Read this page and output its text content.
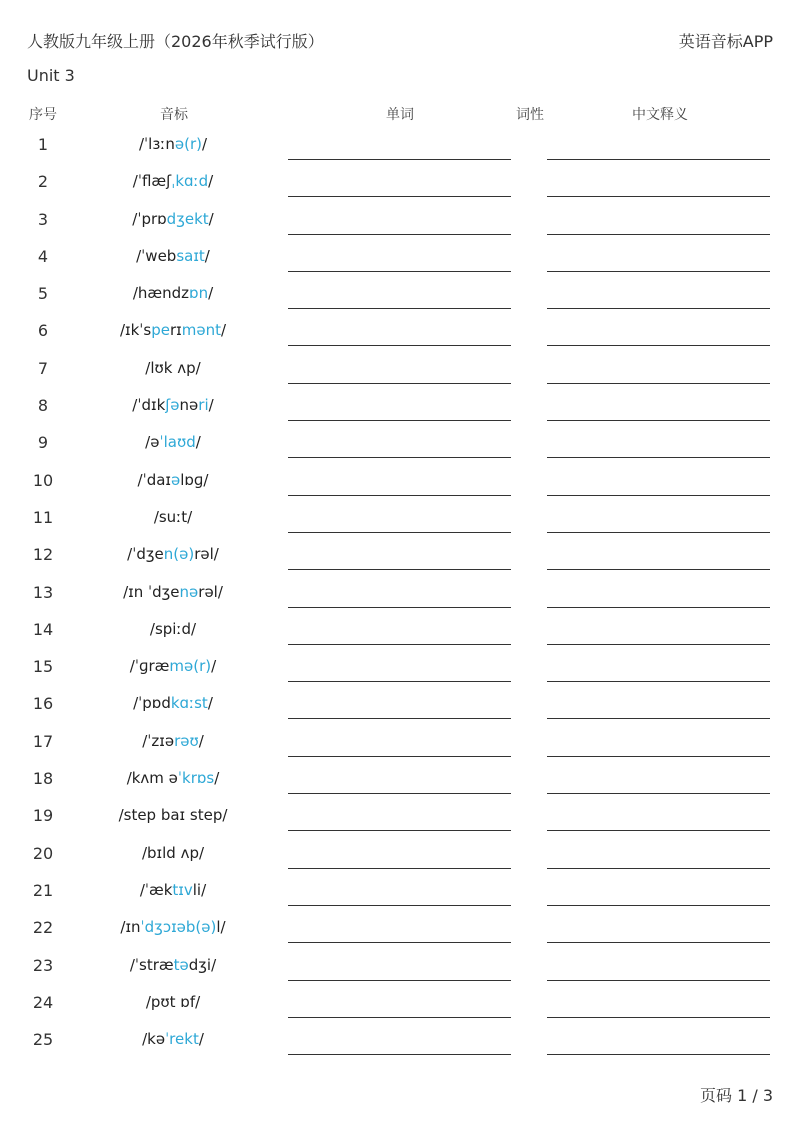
人教版九年级上册（2026年秋季试行版）	英语音标APP
Unit 3
序号	音标	单词	词性	中文释义
1	/ˈlɜːnə(r)/
2	/ˈflæʃˌkɑːd/
3	/ˈprɒdʒekt/
4	/ˈwebsaɪt/
5	/hændzɒn/
6	/ɪkˈsperɪmənt/
7	/lʊk ʌp/
8	/ˈdɪkʃənəri/
9	/əˈlaʊd/
10	/ˈdaɪəlɒɡ/
11	/suːt/
12	/ˈdʒen(ə)rəl/
13	/ɪn ˈdʒenərəl/
14	/spiːd/
15	/ˈɡræmə(r)/
16	/ˈpɒdkɑːst/
17	/ˈzɪərəʊ/
18	/kʌm əˈkrɒs/
19	/step baɪ step/
20	/bɪld ʌp/
21	/ˈæktɪvli/
22	/ɪnˈdʒɔɪəb(ə)l/
23	/ˈstrætədʒi/
24	/pʊt ɒf/
25	/kəˈrekt/
页码 1 / 3
